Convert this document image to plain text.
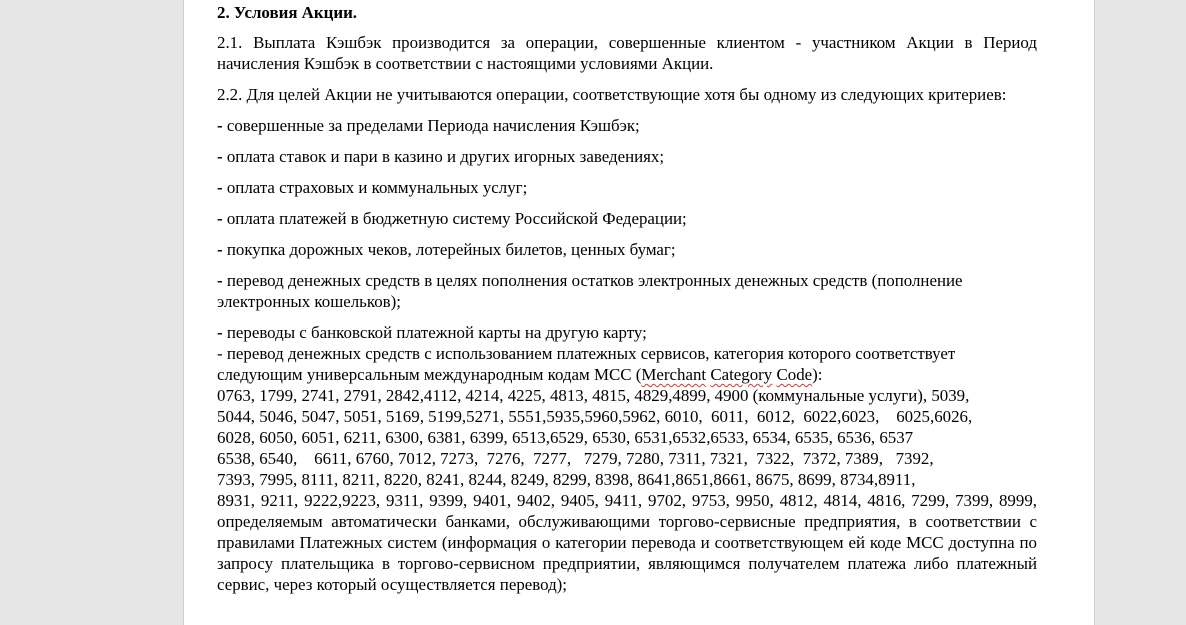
2. Условия Акции.

2.1. Выплата Кэшбэк производится за операции, совершенные клиентом - участником Акции в Период начисления Кэшбэк в соответствии с настоящими условиями Акции.

2.2. Для целей Акции не учитываются операции, соответствующие хотя бы одному из следующих критериев:

- совершенные за пределами Периода начисления Кэшбэк;

- оплата ставок и пари в казино и других игорных заведениях;

- оплата страховых и коммунальных услуг;

- оплата платежей в бюджетную систему Российской Федерации;

- покупка дорожных чеков, лотерейных билетов, ценных бумаг;

- перевод денежных средств в целях пополнения остатков электронных денежных средств (пополнение электронных кошельков);

- переводы с банковской платежной карты на другую карту;

- перевод денежных средств с использованием платежных сервисов, категория которого соответствует
следующим универсальным международным кодам МСС (Merchant Category Code):
0763, 1799, 2741, 2791, 2842,4112, 4214, 4225, 4813, 4815, 4829,4899, 4900 (коммунальные услуги), 5039,
5044, 5046, 5047, 5051, 5169, 5199,5271, 5551,5935,5960,5962, 6010,  6011,  6012,  6022,6023,    6025,6026,
6028, 6050, 6051, 6211, 6300, 6381, 6399, 6513,6529, 6530, 6531,6532,6533, 6534, 6535, 6536, 6537
6538, 6540,    6611, 6760, 7012, 7273,  7276,  7277,   7279, 7280, 7311, 7321,  7322,  7372, 7389,   7392,
7393, 7995, 8111, 8211, 8220, 8241, 8244, 8249, 8299, 8398, 8641,8651,8661, 8675, 8699, 8734,8911,

8931, 9211, 9222,9223, 9311, 9399, 9401, 9402, 9405, 9411, 9702, 9753, 9950, 4812, 4814, 4816, 7299, 7399, 8999, определяемым автоматически банками, обслуживающими торгово-сервисные предприятия, в соответствии с правилами Платежных систем (информация о категории перевода и соответствующем ей коде МСС доступна по запросу плательщика в торгово-сервисном предприятии, являющимся получателем платежа либо платежный сервис, через который осуществляется перевод);
